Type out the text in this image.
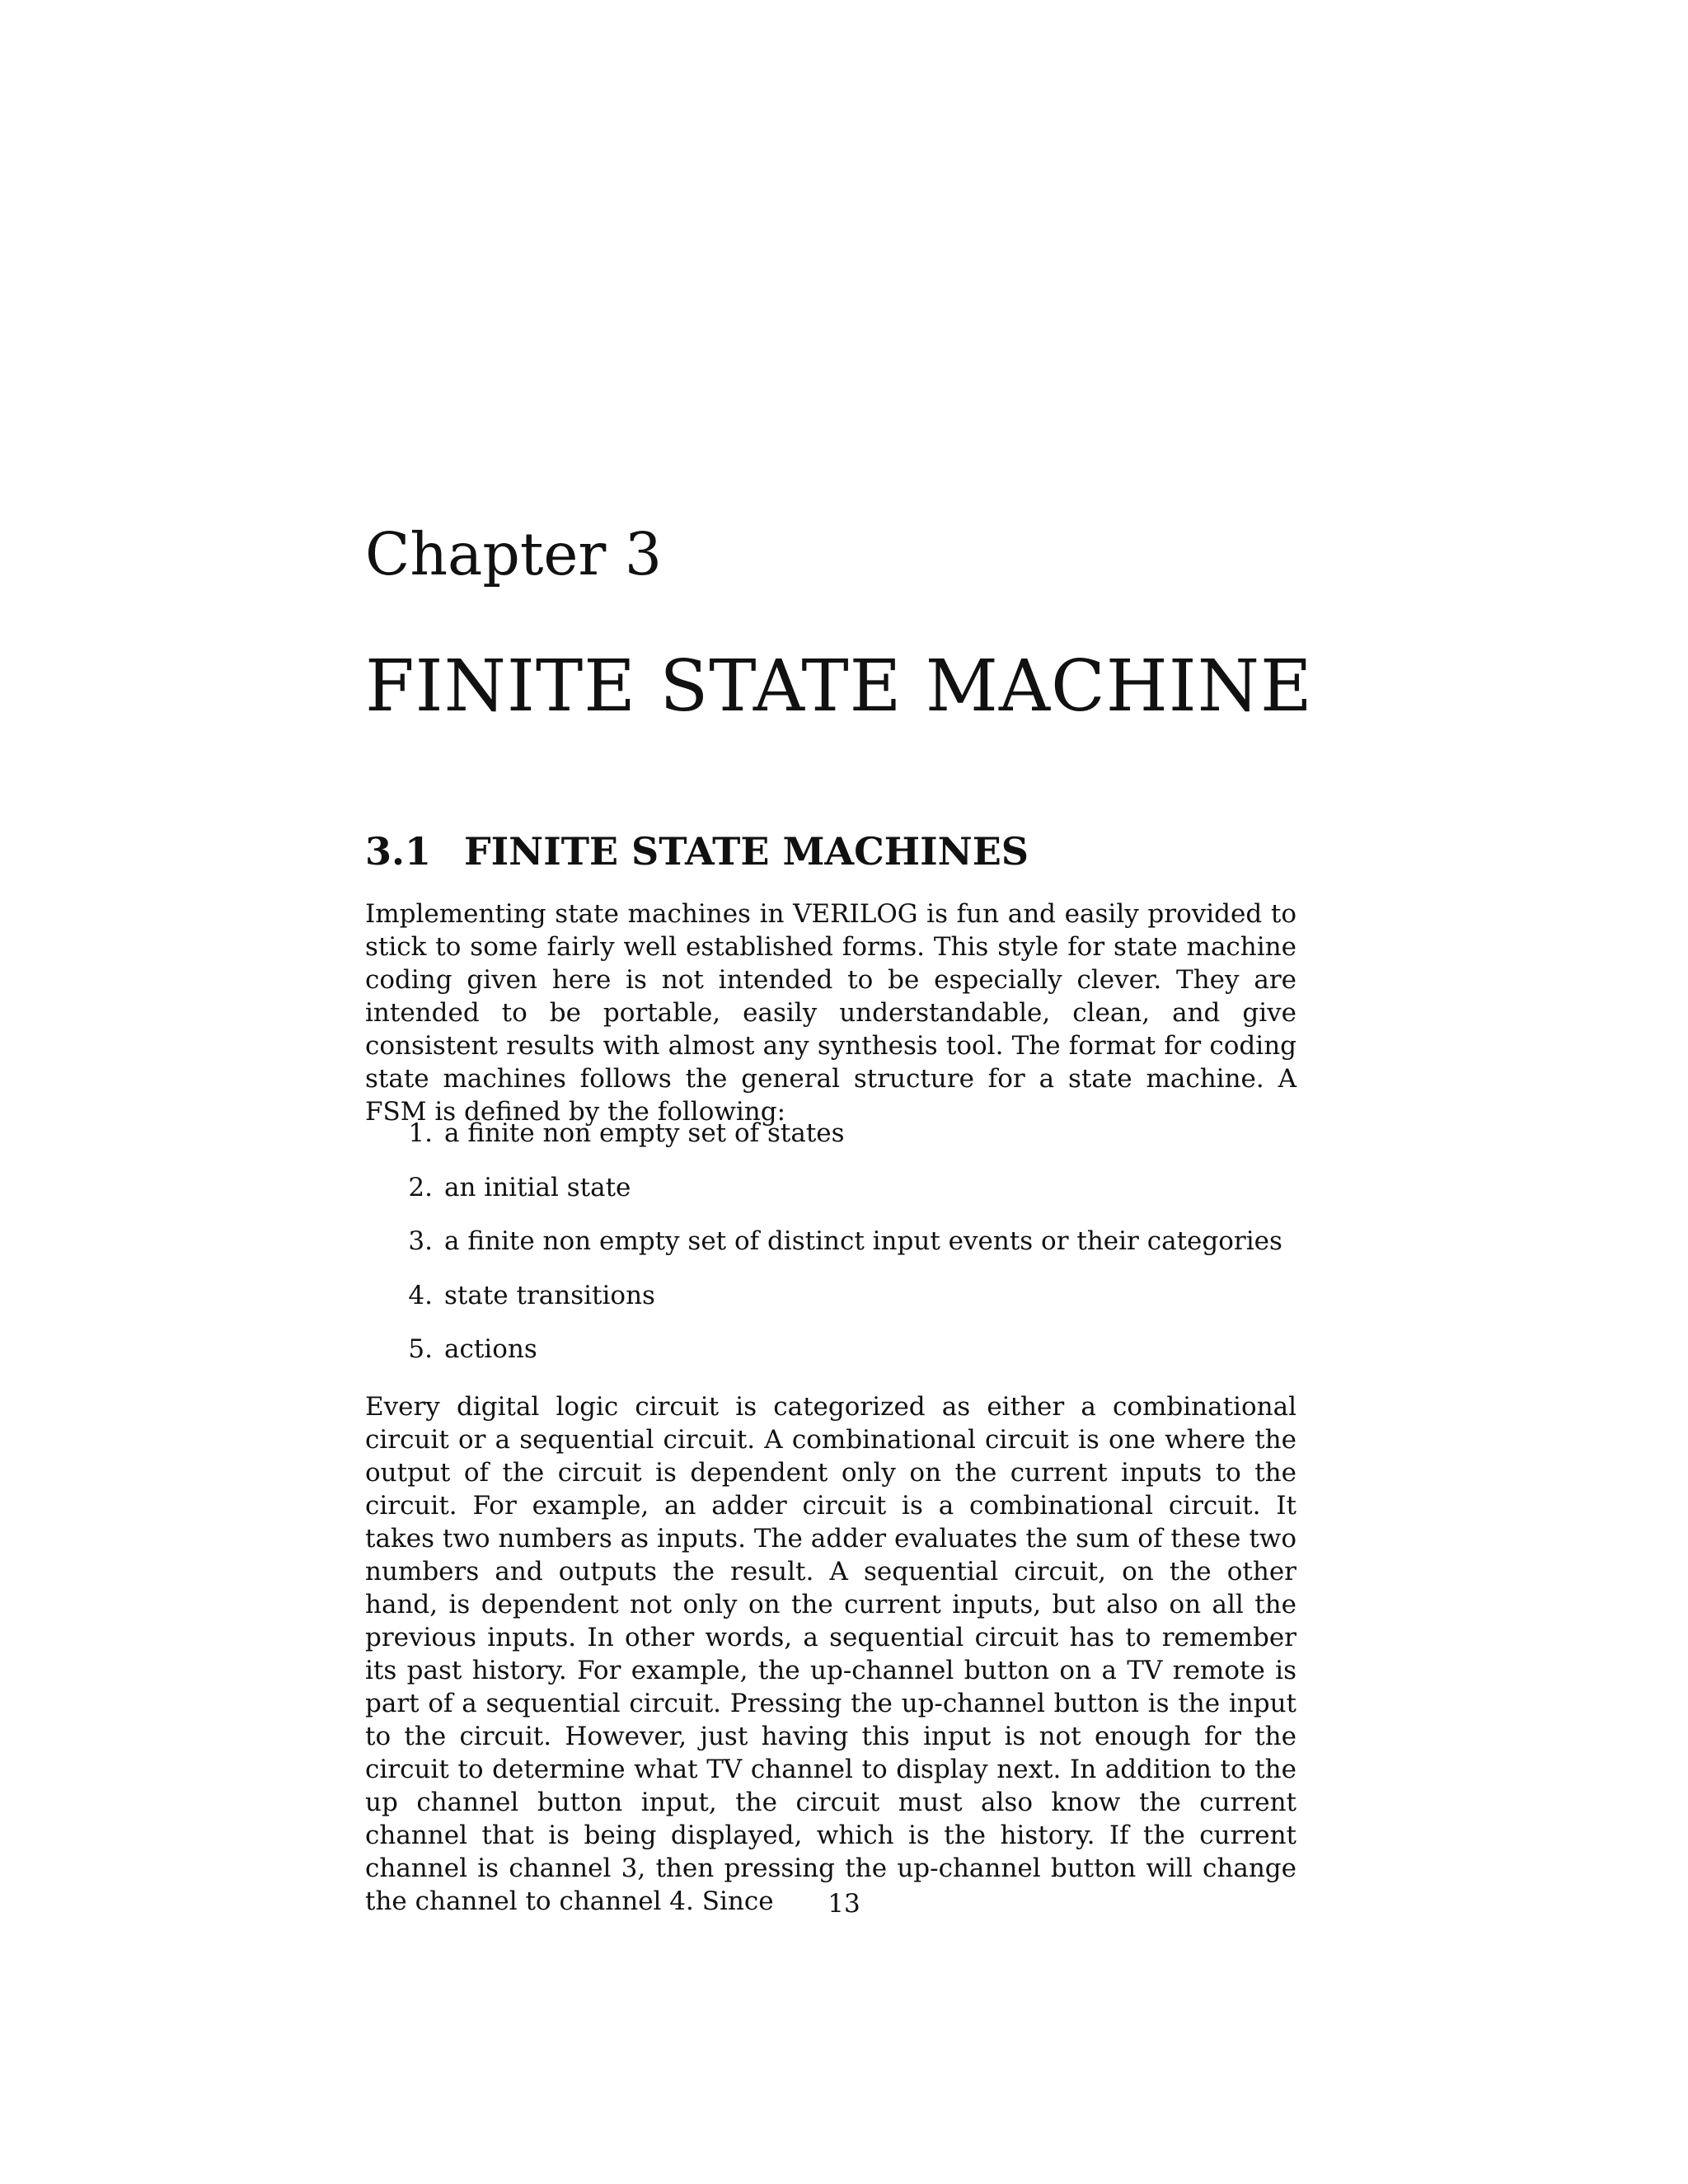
Chapter 3
FINITE STATE MACHINE
3.1 FINITE STATE MACHINES

Implementing state machines in VERILOG is fun and easily provided to stick to some fairly well established forms. This style for state machine coding given here is not intended to be especially clever. They are intended to be portable, easily understandable, clean, and give consistent results with almost any synthesis tool. The format for coding state machines follows the general structure for a state machine. A FSM is defined by the following:

1. a finite non empty set of states
2. an initial state
3. a finite non empty set of distinct input events or their categories
4. state transitions
5. actions

Every digital logic circuit is categorized as either a combinational circuit or a sequential circuit. A combinational circuit is one where the output of the circuit is dependent only on the current inputs to the circuit. For example, an adder circuit is a combinational circuit. It takes two numbers as inputs. The adder evaluates the sum of these two numbers and outputs the result. A sequential circuit, on the other hand, is dependent not only on the current inputs, but also on all the previous inputs. In other words, a sequential circuit has to remember its past history. For example, the up-channel button on a TV remote is part of a sequential circuit. Pressing the up-channel button is the input to the circuit. However, just having this input is not enough for the circuit to determine what TV channel to display next. In addition to the up channel button input, the circuit must also know the current channel that is being displayed, which is the history. If the current channel is channel 3, then pressing the up-channel button will change the channel to channel 4. Since	13
